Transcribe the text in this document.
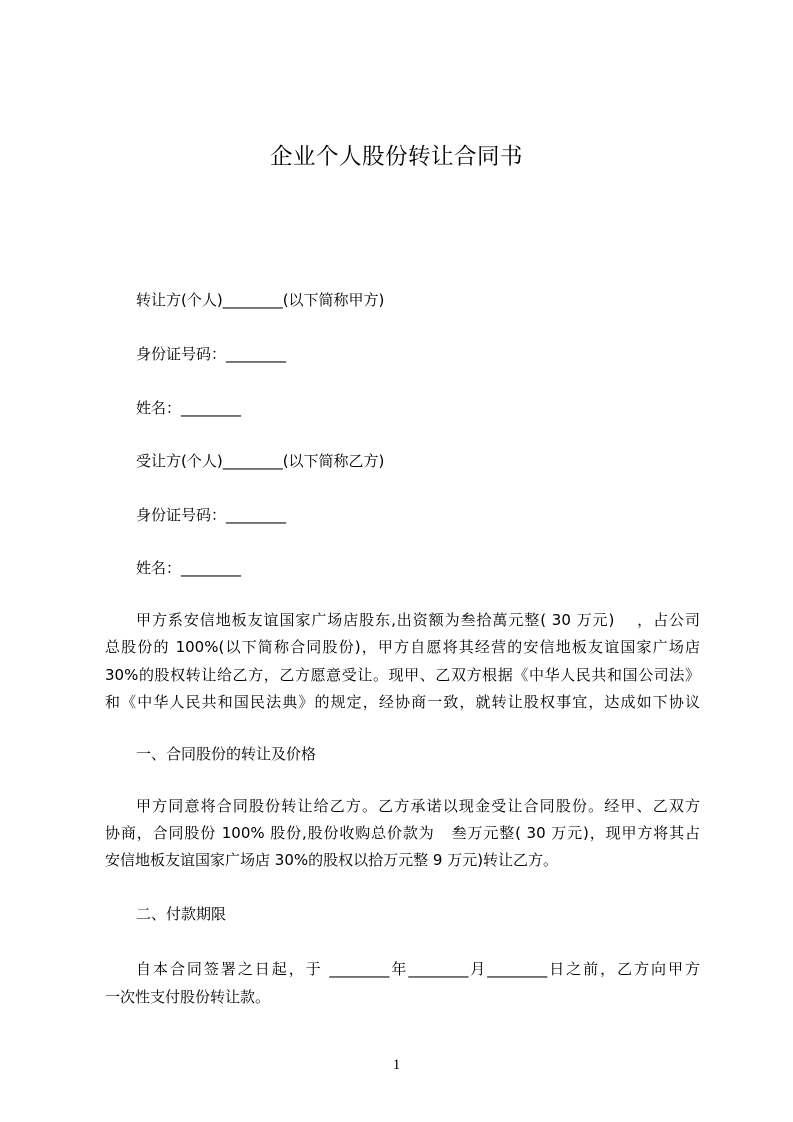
企业个人股份转让合同书
转让方(个人)________(以下简称甲方)
身份证号码：________
姓名：________
受让方(个人)________(以下简称乙方)
身份证号码：________
姓名：________
甲方系安信地板友谊国家广场店股东,出资额为叁拾萬元整( 30 万元)    ，占公司
总股份的 100%(以下简称合同股份)，甲方自愿将其经营的安信地板友谊国家广场店
30%的股权转让给乙方，乙方愿意受让。现甲、乙双方根据《中华人民共和国公司法》
和《中华人民共和国民法典》的规定，经协商一致，就转让股权事宜，达成如下协议
一、合同股份的转让及价格
甲方同意将合同股份转让给乙方。乙方承诺以现金受让合同股份。经甲、乙双方
协商，合同股份 100% 股份,股份收购总价款为   叁万元整( 30 万元)，现甲方将其占
安信地板友谊国家广场店 30%的股权以拾万元整 9 万元)转让乙方。
二、付款期限
自本合同签署之日起，于 ________年________月________日之前，乙方向甲方
一次性支付股份转让款。
1
